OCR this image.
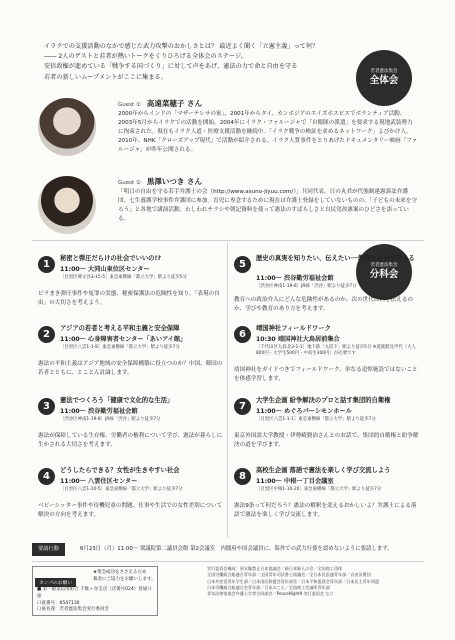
イラクでの支援活動のなかで感じた武力攻撃のおかしさとは？ 最近よく聞く「立憲主義」って何？
―― 2人のゲストと若者が熱いトークをくりひろげる全体会のステージ。
安倍政権が進めている「戦争する国づくり」に対して声をあげ、憲法の力で命と自由を守る
若者の新しいムーブメントがここに集まる。
若者憲法集会
全体会
Guest ① 高遠菜穂子 さん
2000年からインドの「マザーテレサの家」、2001年からタイ、カンボジアのエイズホスピスでボランティア活動。2003年5月からイラクでの活動を開始。2004年にイラク・ファルージャで「自衛隊の派遣」を要求する現地武装勢力に拘束された。現在もイラク人道・医療支援活動を継続中。「イラク戦争の検証を求めるネットワーク」よびかけ人。2010年、NHK「クローズアップ現代」で活動が紹介される。イラク人質事件をとりあげたドキュメンタリー映画「ファルージャ」が昨年公開される。
Guest ② 黒澤いつき さん
「明日の自由を守る若手弁護士の会（http://www.asuno-jiyuu.com/）」共同代表。日の丸君が代強制違憲訴訟弁護団、七生養護学校事件弁護団に参加。育児に専念するために現在は弁護士登録をしていないものの、「子どもの未来を守ろう」と各地で講演活動。わしわれチラシや朝記資料を使って憲法のすばらしさと自民党改憲案のひどさを語っている。
若者憲法集会
分科会
1
秘密と弾圧だらけの社会でいいの!?
11:00〜 大同山東位区センター
［目黒区碑文谷3-15-5］東急東横線「都立大学」駅より徒歩5分
ビラまき弾圧事件や冤罪の実態、秘密保護法の危険性を知り、「表現の自由」の大切さを考えよう。
2
アジアの若者と考える平和主義と安全保障
11:00〜 心身障害者センター「あいアイ館」
［目黒区八雲1-1-8］東急東横線「都立大学」駅より徒歩7分
憲法の平和主義はアジア地域の安全保障構築に役立つのか？中国、韓国の若者とともに、とことん討論します。
3
憲法でつくろう「健康で文化的な生活」
11:00〜 渋谷勤労福祉会館
［渋谷区神南1-19-8］JR線「渋谷」駅より徒歩7分
憲法が保障している生存権、労働者の権利について学び、憲法が暮らしに生かされる大切さを考えます。
4
どうしたらできる？女性が生きやすい社会
11:00〜 八雲住区センター
［目黒区八雲1-10-5］東急東横線「都立大学」駅より徒歩7分
ベビーシッター事件や待機児童の問題、仕事や生活での女性差別について解決の方向を考えます。
5
歴史の真実を知りたい、伝えたい──教育と自由を考える
11:00〜 渋谷勤労福祉会館
［渋谷区神南1-19-8］JR線「渋谷」駅より徒歩7分
教育への政治介入にどんな危険性があるのか、次の世代に何を伝えるのか、学びや教育のあり方を考えます。
6
靖国神社フィールドワーク
10:30 靖国神社大鳥居前集合
［千代田区九段北3-1-1］地下鉄「九段下」駅より徒歩5分 ※遊就館見学代（大人800円・大学生500円・中高生300円）が必要です
靖国神社をガイドつきでフィールドワーク。単なる追悼施設ではないことを体感学習します。
7
大学生企画 紛争解決のプロと話す集団的自衛権
11:00〜 めぐろパーシモンホール
［目黒区八雲1-1-1］東急東横線「都立大学」駅より徒歩7分
東京外国語大学教授・伊勢崎賢治さんとのお話で、集団的自衛権と紛争解決の道を学びます。
8
高校生企画 落語で憲法を楽しく学び交流しよう
11:00〜 中根一丁目会議室
［目黒区中根1-10-20］東急東横線「都立大学」駅より徒歩7分
憲法9条って何だろう？憲法の解釈を変えるおかしいよ？弁護士による落語で憲法を楽しく学び交流します。
要請行動	6月23日（月）11:00〜 衆議院第二議員会館 第2会議室　内閣府や国会議員に、海外での武力行使を認めないように要請します。
カンパのお願い
★集会成功をささえるため
募金にご協力をお願いします。
■ 第一勧業信用組合 千駄ヶ谷支店（店番号024）普通口座
口座番号：6547130
口座名義：若者憲法集会実行委員会
実行委員会構成：原水爆禁止日本協議会／新日本婦人の会／全国商工団体
全国労働組合総連合青年部／全国青年司法書士協議会／全日本民医連青年部／自由法曹団
日本共産党青年学生部／日本国民救援会青年部会／日本平和委員会青年部／日本民主青年同盟
日本労働組合総連合会青年部／日本のこえ／全国商工会議所青年部
青年法律家協会弁護士学者合同部会／PeaceNight9 実行委員会 など
